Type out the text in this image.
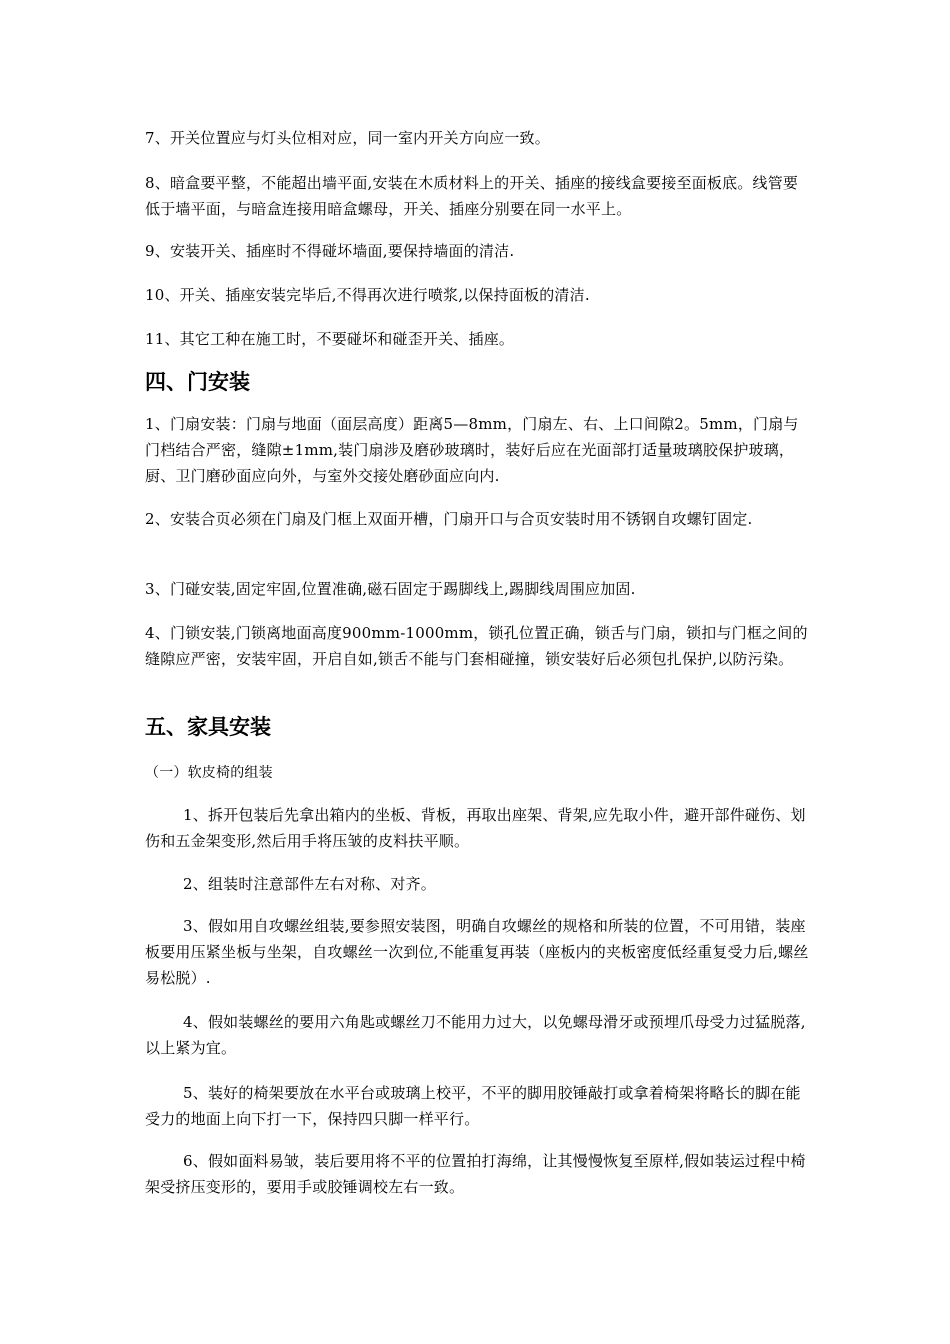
7、开关位置应与灯头位相对应，同一室内开关方向应一致。

8、暗盒要平整，不能超出墙平面,安装在木质材料上的开关、插座的接线盒要接至面板底。线管要低于墙平面，与暗盒连接用暗盒螺母，开关、插座分别要在同一水平上。

9、安装开关、插座时不得碰坏墙面,要保持墙面的清洁.

10、开关、插座安装完毕后,不得再次进行喷浆,以保持面板的清洁.

11、其它工种在施工时，不要碰坏和碰歪开关、插座。

四、门安装

1、门扇安装：门扇与地面（面层高度）距离5—8mm，门扇左、右、上口间隙2。5mm，门扇与门档结合严密，缝隙±1mm,装门扇涉及磨砂玻璃时，装好后应在光面部打适量玻璃胶保护玻璃，厨、卫门磨砂面应向外，与室外交接处磨砂面应向内.

2、安装合页必须在门扇及门框上双面开槽，门扇开口与合页安装时用不锈钢自攻螺钉固定.

3、门碰安装,固定牢固,位置准确,磁石固定于踢脚线上,踢脚线周围应加固.

4、门锁安装,门锁离地面高度900mm-1000mm，锁孔位置正确，锁舌与门扇，锁扣与门框之间的缝隙应严密，安装牢固，开启自如,锁舌不能与门套相碰撞，锁安装好后必须包扎保护,以防污染。

五、家具安装

（一）软皮椅的组装

1、拆开包装后先拿出箱内的坐板、背板，再取出座架、背架,应先取小件，避开部件碰伤、划伤和五金架变形,然后用手将压皱的皮料扶平顺。

2、组装时注意部件左右对称、对齐。

3、假如用自攻螺丝组装,要参照安装图，明确自攻螺丝的规格和所装的位置，不可用错，装座板要用压紧坐板与坐架，自攻螺丝一次到位,不能重复再装（座板内的夹板密度低经重复受力后,螺丝易松脱）.

4、假如装螺丝的要用六角匙或螺丝刀不能用力过大，以免螺母滑牙或预埋爪母受力过猛脱落,以上紧为宜。

5、装好的椅架要放在水平台或玻璃上校平，不平的脚用胶锤敲打或拿着椅架将略长的脚在能受力的地面上向下打一下，保持四只脚一样平行。

6、假如面料易皱，装后要用将不平的位置拍打海绵，让其慢慢恢复至原样,假如装运过程中椅架受挤压变形的，要用手或胶锤调校左右一致。
